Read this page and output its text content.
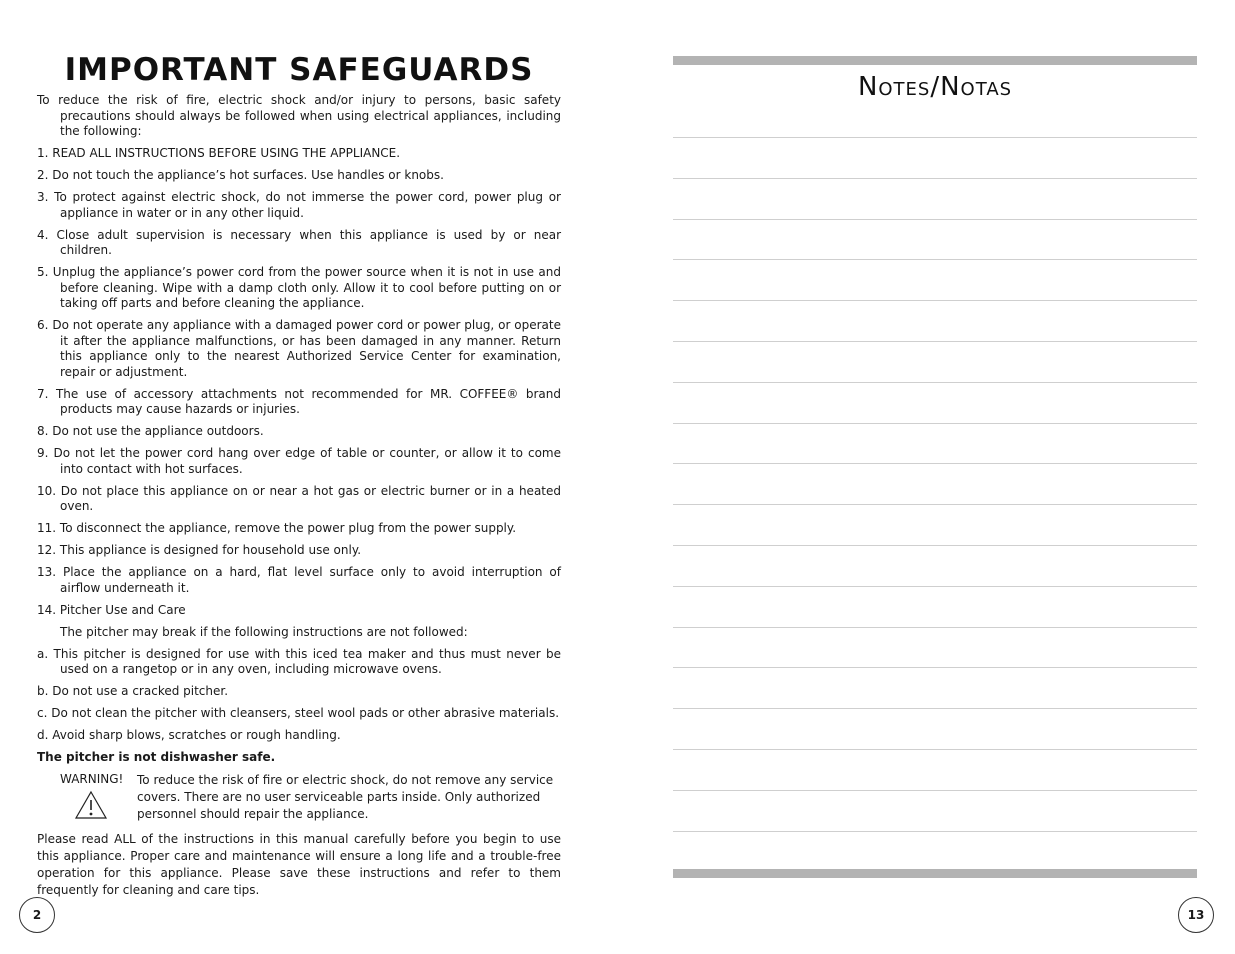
IMPORTANT SAFEGUARDS

To reduce the risk of fire, electric shock and/or injury to persons, basic safety precautions should always be followed when using electrical appliances, including the following:

1. READ ALL INSTRUCTIONS BEFORE USING THE APPLIANCE.

2. Do not touch the appliance’s hot surfaces. Use handles or knobs.

3. To protect against electric shock, do not immerse the power cord, power plug or appliance in water or in any other liquid.

4. Close adult supervision is necessary when this appliance is used by or near children.

5. Unplug the appliance’s power cord from the power source when it is not in use and before cleaning. Wipe with a damp cloth only. Allow it to cool before putting on or taking off parts and before cleaning the appliance.

6. Do not operate any appliance with a damaged power cord or power plug, or operate it after the appliance malfunctions, or has been damaged in any manner. Return this appliance only to the nearest Authorized Service Center for examination, repair or adjustment.

7. The use of accessory attachments not recommended for MR. COFFEE® brand products may cause hazards or injuries.

8. Do not use the appliance outdoors.

9. Do not let the power cord hang over edge of table or counter, or allow it to come into contact with hot surfaces.

10. Do not place this appliance on or near a hot gas or electric burner or in a heated oven.

11. To disconnect the appliance, remove the power plug from the power supply.

12. This appliance is designed for household use only.

13. Place the appliance on a hard, flat level surface only to avoid interruption of airflow underneath it.

14. Pitcher Use and Care

The pitcher may break if the following instructions are not followed:

a. This pitcher is designed for use with this iced tea maker and thus must never be used on a rangetop or in any oven, including microwave ovens.

b. Do not use a cracked pitcher.

c. Do not clean the pitcher with cleansers, steel wool pads or other abrasive materials.

d. Avoid sharp blows, scratches or rough handling.

The pitcher is not dishwasher safe.

WARNING!	To reduce the risk of fire or electric shock, do not remove any service covers. There are no user serviceable parts inside. Only authorized personnel should repair the appliance.

Please read ALL of the instructions in this manual carefully before you begin to use this appliance. Proper care and maintenance will ensure a long life and a trouble-free operation for this appliance. Please save these instructions and refer to them frequently for cleaning and care tips.

2
Notes/Notas
13
